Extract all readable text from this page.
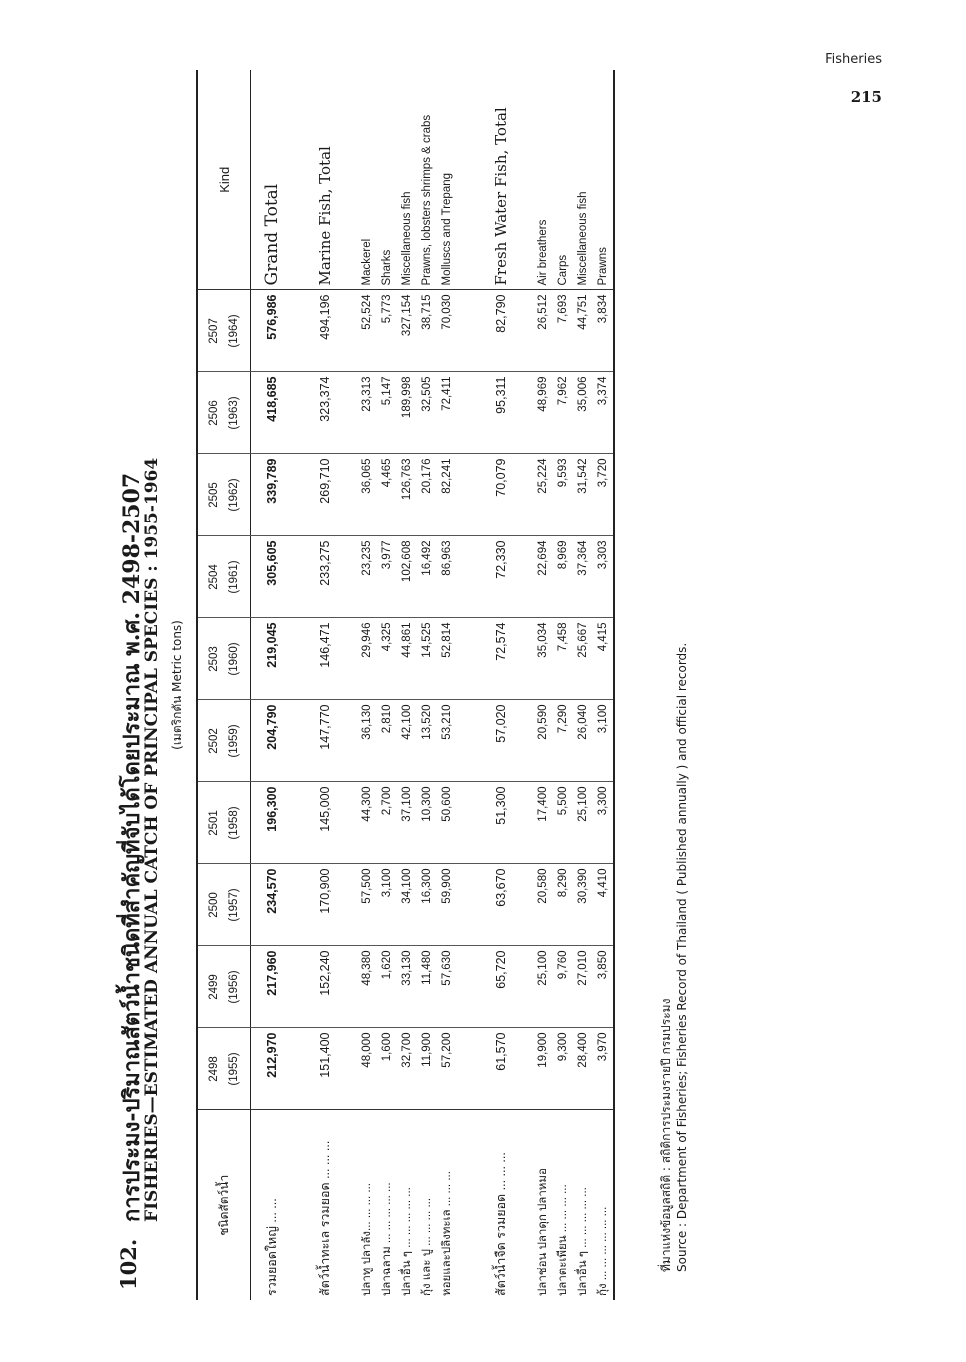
Fisheries
215
102.
การประมง-ปริมาณสัตว์น้ำชนิดที่สำคัญที่จับได้โดยประมาณ พ.ศ. 2498-2507
FISHERIES—ESTIMATED ANNUAL CATCH OF PRINCIPAL SPECIES : 1955-1964 (เมตริกตัน Metric tons)
ชนิดสัตว์น้ำ	2498 (1955)	2499 (1956)	2500 (1957)	2501 (1958)	2502 (1959)	2503 (1960)	2504 (1961)	2505 (1962)	2506 (1963)	2507 (1964)	Kind
รวมยอดใหญ่ ... ...	212,970	217,960	234,570	196,300	204,790	219,045	305,605	339,789	418,685	576,986	Grand Total

สัตว์น้ำทะเล รวมยอด ... ... ...	151,400	152,240	170,900	145,000	147,770	146,471	233,275	269,710	323,374	494,196	Marine Fish, Total

ปลาทู ปลาลัง... ... ... ...	48,000	48,380	57,500	44,300	36,130	29,946	23,235	36,065	23,313	52,524	Mackerel
ปลาฉลาม ... ... ... ... ...	1,600	1,620	3,100	2,700	2,810	4,325	3,977	4,465	5,147	5,773	Sharks
ปลาอื่น ๆ ... ... ... ... ...	32,700	33,130	34,100	37,100	42,100	44,861	102,608	126,763	189,998	327,154	Miscellaneous fish
กุ้ง และ ปู ... ... ... ...	11,900	11,480	16,300	10,300	13,520	14,525	16,492	20,176	32,505	38,715	Prawns, lobsters shrimps & crabs
หอยและปลิงทะเล ... ... ...	57,200	57,630	59,900	50,600	53,210	52,814	86,963	82,241	72,411	70,030	Molluscs and Trepang

สัตว์น้ำจืด รวมยอด ... ... ...	61,570	65,720	63,670	51,300	57,020	72,574	72,330	70,079	95,311	82,790	Fresh Water Fish, Total

ปลาช่อน ปลาดุก ปลาหมอ	19,900	25,100	20,580	17,400	20,590	35,034	22,694	25,224	48,969	26,512	Air breathers
ปลาตะเพียน ... ... ... ...	9,300	9,760	8,290	5,500	7,290	7,458	8,969	9,593	7,962	7,693	Carps
ปลาอื่น ๆ ... ... ... ... ...	28,400	27,010	30,390	25,100	26,040	25,667	37,364	31,542	35,006	44,751	Miscellaneous fish
กุ้ง ... ... ... ... ... ...	3,970	3,850	4,410	3,300	3,100	4,415	3,303	3,720	3,374	3,834	Prawns
ที่มาแห่งข้อมูลสถิติ : สถิติการประมงรายปี กรมประมง Source : Department of Fisheries; Fisheries Record of Thailand ( Published annually ) and official records.
